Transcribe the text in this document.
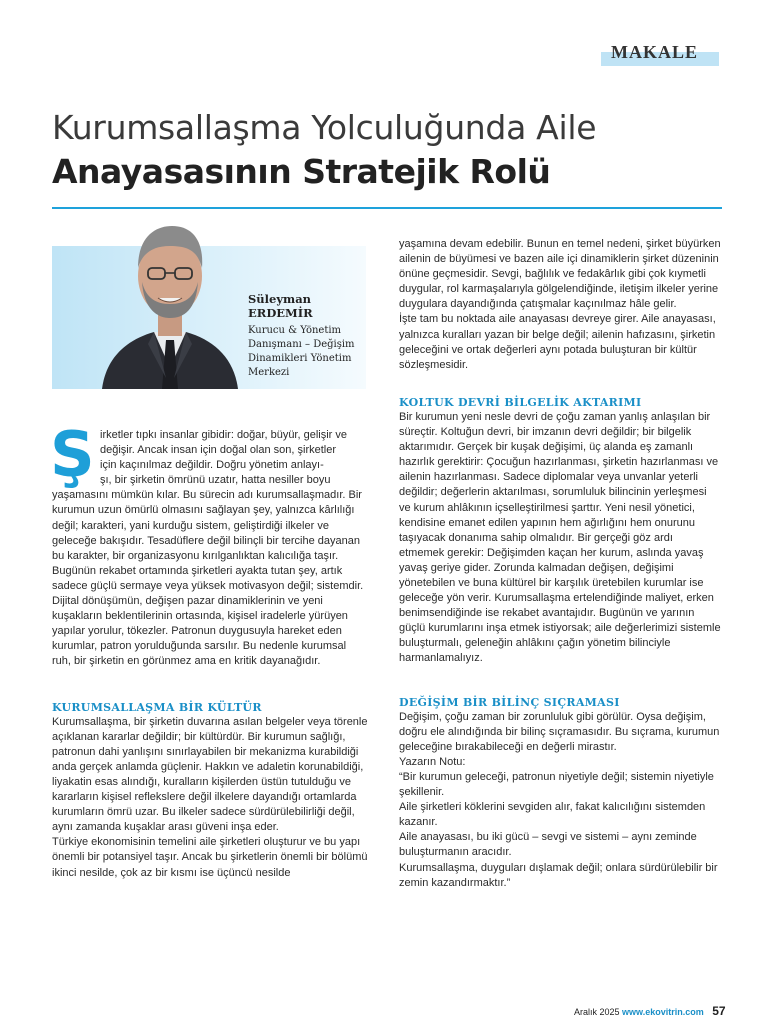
MAKALE
Kurumsallaşma Yolculuğunda Aile
Anayasasının Stratejik Rolü
Süleyman
ERDEMİR
Kurucu & Yönetim
Danışmanı – Değişim
Dinamikleri Yönetim
Merkezi
Ş irketler tıpkı insanlar gibidir: doğar, büyür, gelişir ve

değişir. Ancak insan için doğal olan son, şirketler

için kaçınılmaz değildir. Doğru yönetim anlayı-

şı, bir şirketin ömrünü uzatır, hatta nesiller boyu

yaşamasını mümkün kılar. Bu sürecin adı kurumsallaşmadır. Bir kurumun uzun ömürlü olmasını sağlayan şey, yalnızca kârlılığı değil; karakteri, yani kurduğu sistem, geliştirdiği ilkeler ve geleceğe bakışıdır. Tesadüflere değil bilinçli bir tercihe dayanan bu karakter, bir organizasyonu kırılganlıktan kalıcılığa taşır.

Bugünün rekabet ortamında şirketleri ayakta tutan şey, artık sadece güçlü sermaye veya yüksek motivasyon değil; sistemdir. Dijital dönüşümün, değişen pazar dinamiklerinin ve yeni kuşakların beklentilerinin ortasında, kişisel iradelerle yürüyen yapılar yorulur, tökezler. Patronun duygusuyla hareket eden kurumlar, patron yorulduğunda sarsılır. Bu nedenle kurumsal ruh, bir şirketin en görünmez ama en kritik dayanağıdır.

KURUMSALLAŞMA BİR KÜLTÜR

Kurumsallaşma, bir şirketin duvarına asılan belgeler veya törenle açıklanan kararlar değildir; bir kültürdür. Bir kurumun sağlığı, patronun dahi yanlışını sınırlayabilen bir mekanizma kurabildiği anda gerçek anlamda güçlenir. Hakkın ve adaletin korunabildiği, liyakatin esas alındığı, kuralların kişilerden üstün tutulduğu ve kararların kişisel reflekslere değil ilkelere dayandığı ortamlarda kurumların ömrü uzar. Bu ilkeler sadece sürdürülebilirliği değil, aynı zamanda kuşaklar arası güveni inşa eder.

Türkiye ekonomisinin temelini aile şirketleri oluşturur ve bu yapı önemli bir potansiyel taşır. Ancak bu şirketlerin önemli bir bölümü ikinci nesilde, çok az bir kısmı ise üçüncü nesilde

yaşamına devam edebilir. Bunun en temel nedeni, şirket büyürken ailenin de büyümesi ve bazen aile içi dinamiklerin şirket düzeninin önüne geçmesidir. Sevgi, bağlılık ve fedakârlık gibi çok kıymetli duygular, rol karmaşalarıyla gölgelendiğinde, iletişim ilkeler yerine duygulara dayandığında çatışmalar kaçınılmaz hâle gelir.

İşte tam bu noktada aile anayasası devreye girer. Aile anayasası, yalnızca kuralları yazan bir belge değil; ailenin hafızasını, şirketin geleceğini ve ortak değerleri aynı potada buluşturan bir kültür sözleşmesidir.

KOLTUK DEVRİ BİLGELİK AKTARIMI

Bir kurumun yeni nesle devri de çoğu zaman yanlış anlaşılan bir süreçtir. Koltuğun devri, bir imzanın devri değildir; bir bilgelik aktarımıdır. Gerçek bir kuşak değişimi, üç alanda eş zamanlı hazırlık gerektirir: Çocuğun hazırlanması, şirketin hazırlanması ve ailenin hazırlanması. Sadece diplomalar veya unvanlar yeterli değildir; değerlerin aktarılması, sorumluluk bilincinin yerleşmesi ve kurum ahlâkının içselleştirilmesi şarttır. Yeni nesil yönetici, kendisine emanet edilen yapının hem ağırlığını hem onurunu taşıyacak donanıma sahip olmalıdır. Bir gerçeği göz ardı etmemek gerekir: Değişimden kaçan her kurum, aslında yavaş yavaş geriye gider. Zorunda kalmadan değişen, değişimi yönetebilen ve buna kültürel bir karşılık üretebilen kurumlar ise geleceğe yön verir. Kurumsallaşma ertelendiğinde maliyet, erken benimsendiğinde ise rekabet avantajıdır. Bugünün ve yarının güçlü kurumlarını inşa etmek istiyorsak; aile değerlerimizi sistemle buluşturmalı, geleneğin ahlâkını çağın yönetim bilinciyle harmanlamalıyız.

DEĞİŞİM BİR BİLİNÇ SIÇRAMASI

Değişim, çoğu zaman bir zorunluluk gibi görülür. Oysa değişim, doğru ele alındığında bir bilinç sıçramasıdır. Bu sıçrama, kurumun geleceğine bırakabileceği en değerli mirastır.

Yazarın Notu:

“Bir kurumun geleceği, patronun niyetiyle değil; sistemin niyetiyle şekillenir.

Aile şirketleri köklerini sevgiden alır, fakat kalıcılığını sistemden kazanır.

Aile anayasası, bu iki gücü – sevgi ve sistemi – aynı zeminde buluşturmanın aracıdır.

Kurumsallaşma, duyguları dışlamak değil; onlara sürdürülebilir bir zemin kazandırmaktır.”

Aralık 2025 www.ekovitrin.com 57
